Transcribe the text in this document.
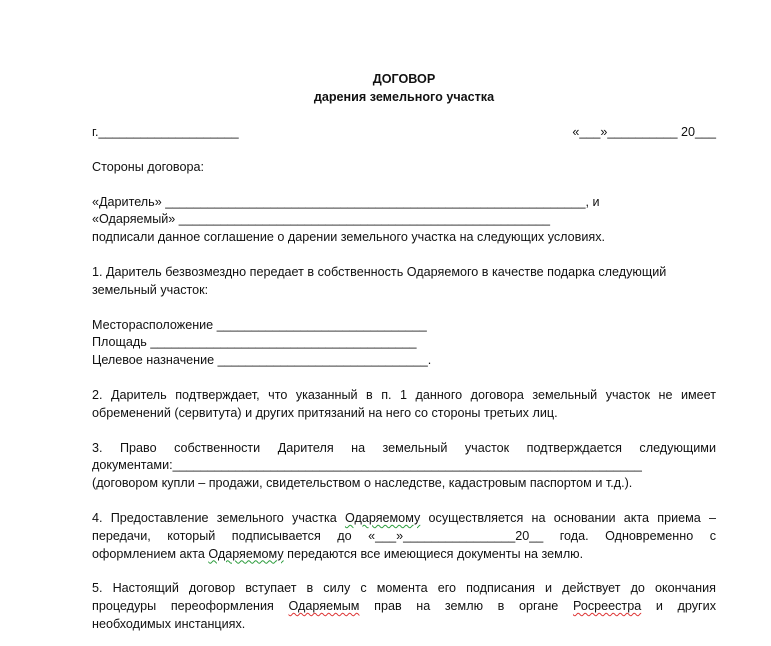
ДОГОВОР
дарения земельного участка
г.____________________	«___»__________ 20___
Стороны договора:
«Даритель» ____________________________________________________________, и
«Одаряемый» _____________________________________________________
подписали данное соглашение о дарении земельного участка на следующих условиях.
1. Даритель безвозмездно передает в собственность Одаряемого в качестве подарка следующий
земельный участок:
Месторасположение ______________________________
Площадь ______________________________________
Целевое назначение ______________________________.
2. Даритель подтверждает, что указанный в п. 1 данного договора земельный участок не имеет
обременений (сервитута) и других притязаний на него со стороны третьих лиц.
3. Право собственности Дарителя на земельный участок подтверждается следующими
документами:___________________________________________________________________
(договором купли – продажи, свидетельством о наследстве, кадастровым паспортом и т.д.).
4. Предоставление земельного участка Одаряемому осуществляется на основании акта приема –
передачи, который подписывается до «___»________________20__ года. Одновременно с
оформлением акта Одаряемому передаются все имеющиеся документы на землю.
5. Настоящий договор вступает в силу с момента его подписания и действует до окончания
процедуры переоформления Одаряемым прав на землю в органе Росреестра и других
необходимых инстанциях.
